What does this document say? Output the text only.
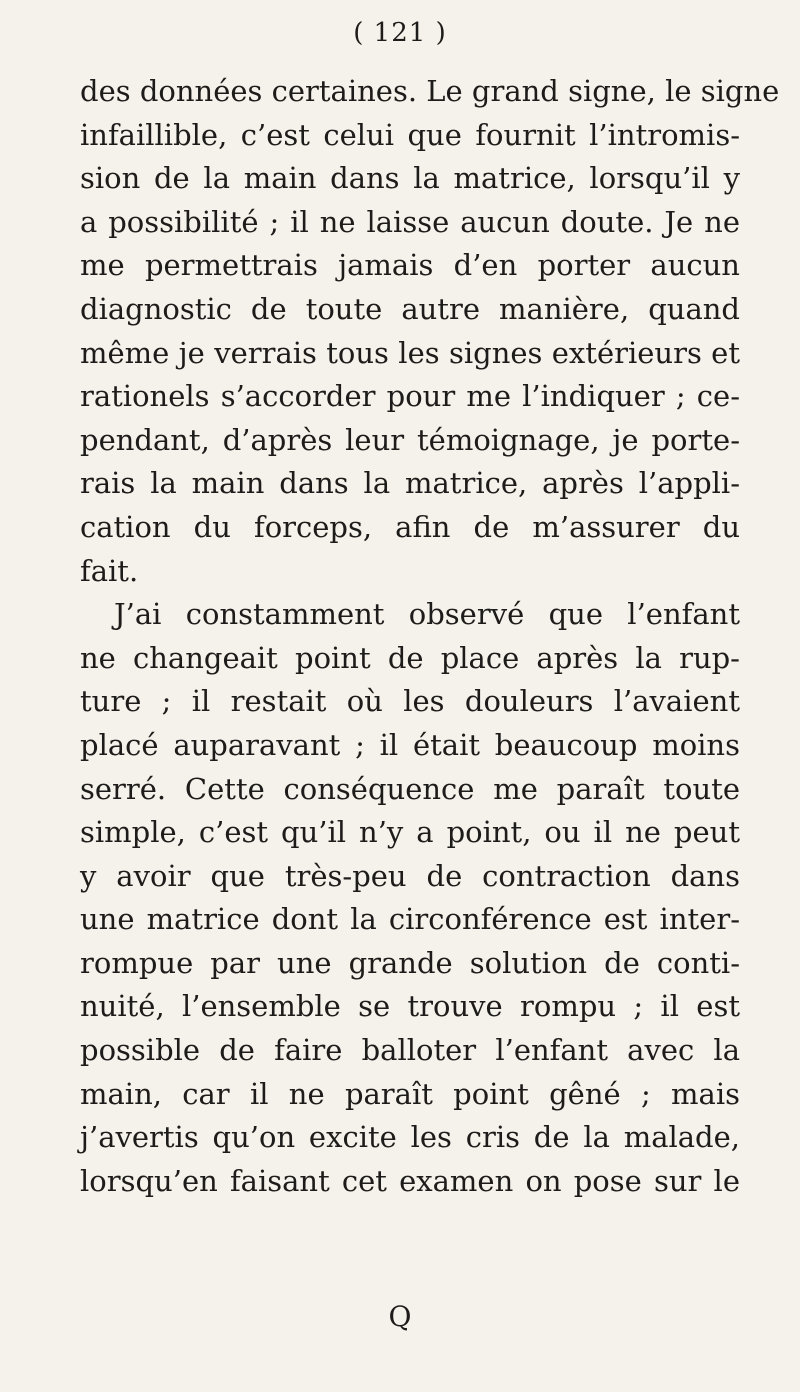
( 121 )
des données certaines. Le grand signe, le signe
infaillible, c’est celui que fournit l’intromis-
sion de la main dans la matrice, lorsqu’il y
a possibilité ; il ne laisse aucun doute. Je ne
me permettrais jamais d’en porter aucun
diagnostic de toute autre manière, quand
même je verrais tous les signes extérieurs et
rationels s’accorder pour me l’indiquer ; ce-
pendant, d’après leur témoignage, je porte-
rais la main dans la matrice, après l’appli-
cation du forceps, afin de m’assurer du
fait.
J’ai constamment observé que l’enfant
ne changeait point de place après la rup-
ture ; il restait où les douleurs l’avaient
placé auparavant ; il était beaucoup moins
serré. Cette conséquence me paraît toute
simple, c’est qu’il n’y a point, ou il ne peut
y avoir que très-peu de contraction dans
une matrice dont la circonférence est inter-
rompue par une grande solution de conti-
nuité, l’ensemble se trouve rompu ; il est
possible de faire balloter l’enfant avec la
main, car il ne paraît point gêné ; mais
j’avertis qu’on excite les cris de la malade,
lorsqu’en faisant cet examen on pose sur le
Q
